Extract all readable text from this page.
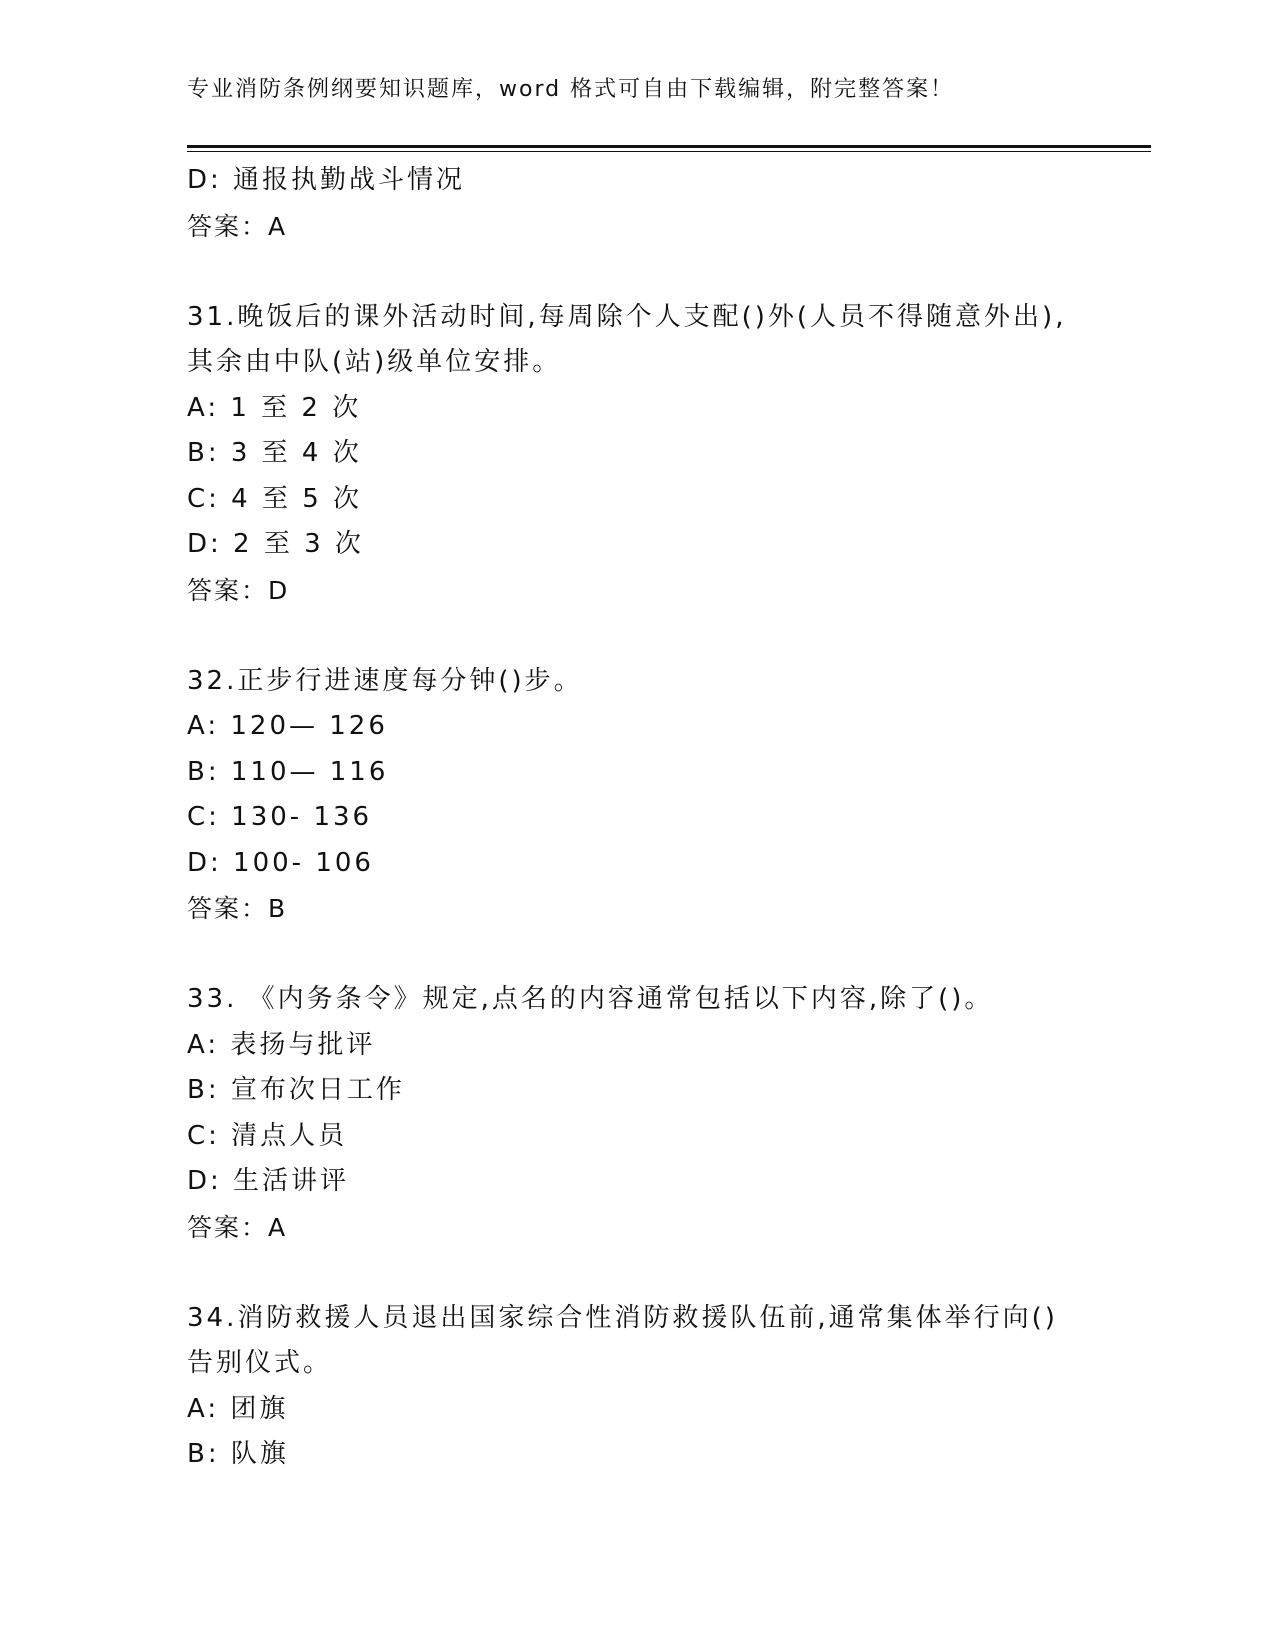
专业消防条例纲要知识题库，word 格式可自由下载编辑，附完整答案！
D: 通报执勤战斗情况
答案：A
31.晚饭后的课外活动时间,每周除个人支配()外(人员不得随意外出),
其余由中队(站)级单位安排。
A: 1 至 2 次
B: 3 至 4 次
C: 4 至 5 次
D: 2 至 3 次
答案：D
32.正步行进速度每分钟()步。
A: 120— 126
B: 110— 116
C: 130- 136
D: 100- 106
答案：B
33. 《内务条令》规定,点名的内容通常包括以下内容,除了()。
A: 表扬与批评
B: 宣布次日工作
C: 清点人员
D: 生活讲评
答案：A
34.消防救援人员退出国家综合性消防救援队伍前,通常集体举行向()
告别仪式。
A: 团旗
B: 队旗
